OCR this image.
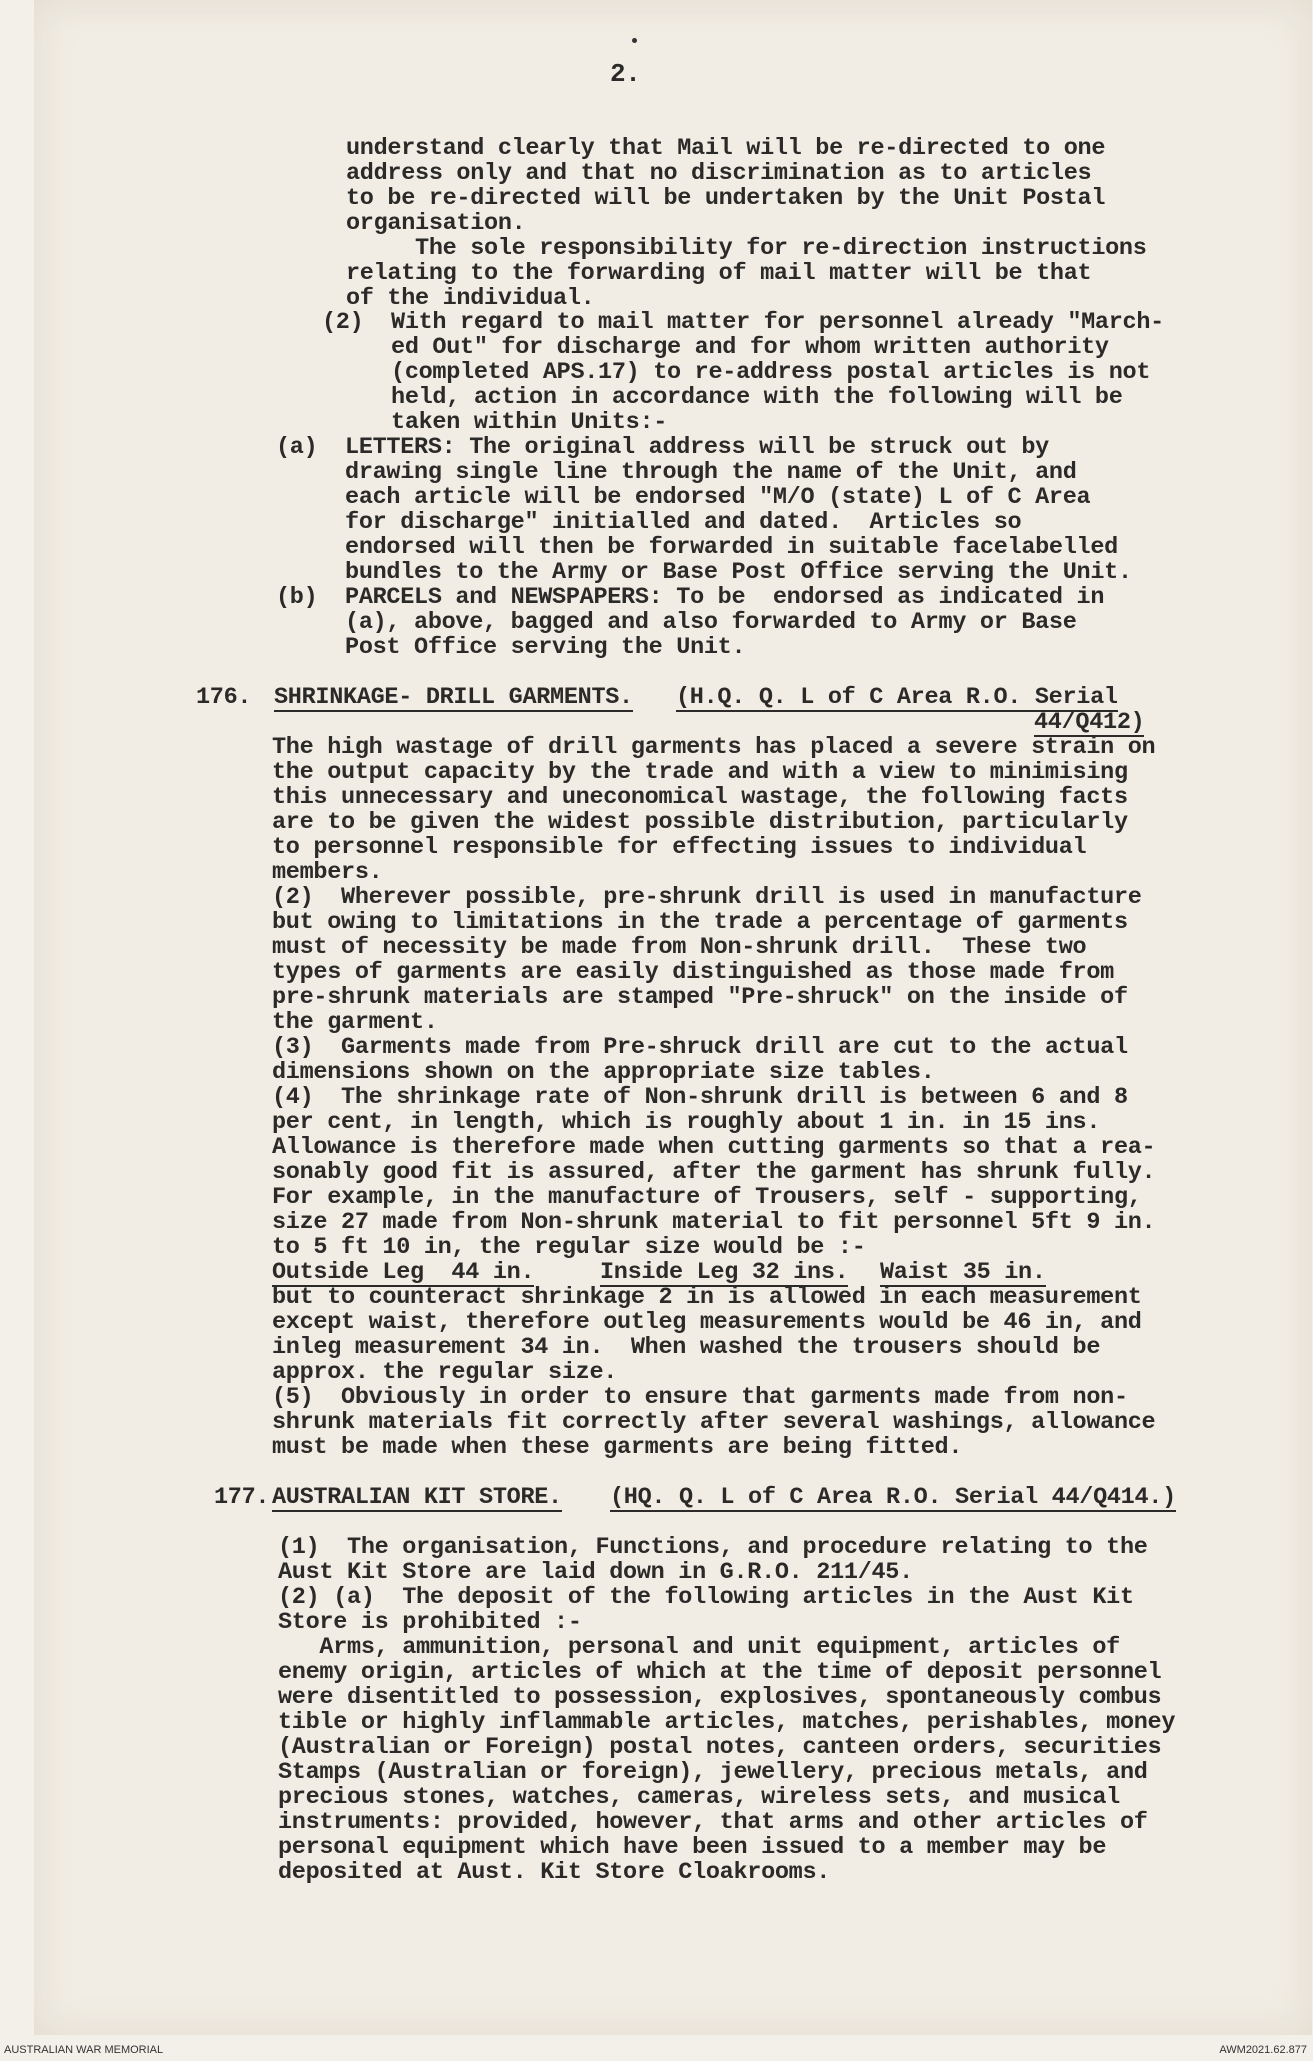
2.
understand clearly that Mail will be re-directed to one
address only and that no discrimination as to articles
to be re-directed will be undertaken by the Unit Postal
organisation.
The sole responsibility for re-direction instructions
relating to the forwarding of mail matter will be that
of the individual.
(2)  With regard to mail matter for personnel already "March-
ed Out" for discharge and for whom written authority
(completed APS.17) to re-address postal articles is not
held, action in accordance with the following will be
taken within Units:-
(a)  LETTERS: The original address will be struck out by
drawing single line through the name of the Unit, and
each article will be endorsed "M/O (state) L of C Area
for discharge" initialled and dated.  Articles so
endorsed will then be forwarded in suitable facelabelled
bundles to the Army or Base Post Office serving the Unit.
(b)  PARCELS and NEWSPAPERS: To be  endorsed as indicated in
(a), above, bagged and also forwarded to Army or Base
Post Office serving the Unit.
176. SHRINKAGE- DRILL GARMENTS. (H.Q. Q. L of C Area R.O. Serial
44/Q412)
The high wastage of drill garments has placed a severe strain on
the output capacity by the trade and with a view to minimising
this unnecessary and uneconomical wastage, the following facts
are to be given the widest possible distribution, particularly
to personnel responsible for effecting issues to individual
members.
(2)  Wherever possible, pre-shrunk drill is used in manufacture
but owing to limitations in the trade a percentage of garments
must of necessity be made from Non-shrunk drill.  These two
types of garments are easily distinguished as those made from
pre-shrunk materials are stamped "Pre-shruck" on the inside of
the garment.
(3)  Garments made from Pre-shruck drill are cut to the actual
dimensions shown on the appropriate size tables.
(4)  The shrinkage rate of Non-shrunk drill is between 6 and 8
per cent, in length, which is roughly about 1 in. in 15 ins.
Allowance is therefore made when cutting garments so that a rea-
sonably good fit is assured, after the garment has shrunk fully.
For example, in the manufacture of Trousers, self - supporting,
size 27 made from Non-shrunk material to fit personnel 5ft 9 in.
to 5 ft 10 in, the regular size would be :-
Outside Leg  44 in.	Inside Leg 32 ins. Waist 35 in.
but to counteract shrinkage 2 in is allowed in each measurement
except waist, therefore outleg measurements would be 46 in, and
inleg measurement 34 in.  When washed the trousers should be
approx. the regular size.
(5)  Obviously in order to ensure that garments made from non-
shrunk materials fit correctly after several washings, allowance
must be made when these garments are being fitted.
177. AUSTRALIAN KIT STORE. (HQ. Q. L of C Area R.O. Serial 44/Q414.)
(1)  The organisation, Functions, and procedure relating to the
Aust Kit Store are laid down in G.R.O. 211/45.
(2) (a)  The deposit of the following articles in the Aust Kit
Store is prohibited :-
Arms, ammunition, personal and unit equipment, articles of
enemy origin, articles of which at the time of deposit personnel
were disentitled to possession, explosives, spontaneously combus
tible or highly inflammable articles, matches, perishables, money
(Australian or Foreign) postal notes, canteen orders, securities
Stamps (Australian or foreign), jewellery, precious metals, and
precious stones, watches, cameras, wireless sets, and musical
instruments: provided, however, that arms and other articles of
personal equipment which have been issued to a member may be
deposited at Aust. Kit Store Cloakrooms.
AUSTRALIAN WAR MEMORIAL	AWM2021.62.877
